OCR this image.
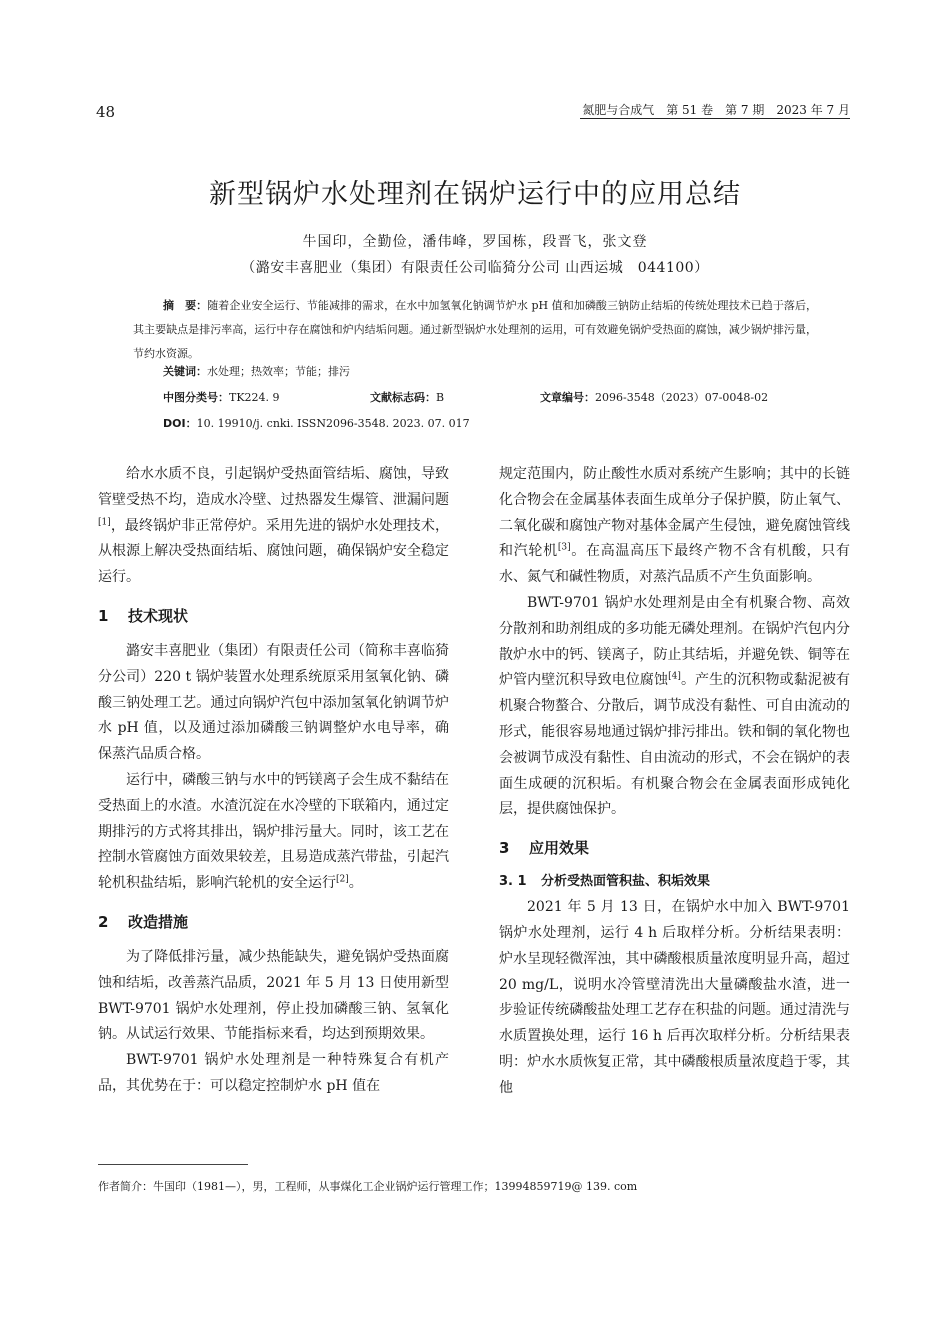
48	氮肥与合成气　第 51 卷　第 7 期　2023 年 7 月
新型锅炉水处理剂在锅炉运行中的应用总结
牛国印，全勤俭，潘伟峰，罗国栋，段晋飞，张文登
（潞安丰喜肥业（集团）有限责任公司临猗分公司 山西运城　044100）
摘　要：随着企业安全运行、节能减排的需求，在水中加氢氧化钠调节炉水 pH 值和加磷酸三钠防止结垢的传统处理技术已趋于落后，其主要缺点是排污率高，运行中存在腐蚀和炉内结垢问题。通过新型锅炉水处理剂的运用，可有效避免锅炉受热面的腐蚀，减少锅炉排污量，节约水资源。
关键词：水处理；热效率；节能；排污
中图分类号：TK224. 9	文献标志码：B	文章编号：2096-3548（2023）07-0048-02
DOI：10. 19910/j. cnki. ISSN2096-3548. 2023. 07. 017

给水水质不良，引起锅炉受热面管结垢、腐蚀，导致管壁受热不均，造成水冷壁、过热器发生爆管、泄漏问题[1]，最终锅炉非正常停炉。采用先进的锅炉水处理技术，从根源上解决受热面结垢、腐蚀问题，确保锅炉安全稳定运行。

1 技术现状

潞安丰喜肥业（集团）有限责任公司（简称丰喜临猗分公司）220 t 锅炉装置水处理系统原采用氢氧化钠、磷酸三钠处理工艺。通过向锅炉汽包中添加氢氧化钠调节炉水 pH 值，以及通过添加磷酸三钠调整炉水电导率，确保蒸汽品质合格。

运行中，磷酸三钠与水中的钙镁离子会生成不黏结在受热面上的水渣。水渣沉淀在水冷壁的下联箱内，通过定期排污的方式将其排出，锅炉排污量大。同时，该工艺在控制水管腐蚀方面效果较差，且易造成蒸汽带盐，引起汽轮机积盐结垢，影响汽轮机的安全运行[2]。

2 改造措施

为了降低排污量，减少热能缺失，避免锅炉受热面腐蚀和结垢，改善蒸汽品质，2021 年 5 月 13 日使用新型 BWT-9701 锅炉水处理剂，停止投加磷酸三钠、氢氧化钠。从试运行效果、节能指标来看，均达到预期效果。

BWT-9701 锅炉水处理剂是一种特殊复合有机产品，其优势在于：可以稳定控制炉水 pH 值在

规定范围内，防止酸性水质对系统产生影响；其中的长链化合物会在金属基体表面生成单分子保护膜，防止氧气、二氧化碳和腐蚀产物对基体金属产生侵蚀，避免腐蚀管线和汽轮机[3]。在高温高压下最终产物不含有机酸，只有水、氮气和碱性物质，对蒸汽品质不产生负面影响。

BWT-9701 锅炉水处理剂是由全有机聚合物、高效分散剂和助剂组成的多功能无磷处理剂。在锅炉汽包内分散炉水中的钙、镁离子，防止其结垢，并避免铁、铜等在炉管内壁沉积导致电位腐蚀[4]。产生的沉积物或黏泥被有机聚合物螯合、分散后，调节成没有黏性、可自由流动的形式，能很容易地通过锅炉排污排出。铁和铜的氧化物也会被调节成没有黏性、自由流动的形式，不会在锅炉的表面生成硬的沉积垢。有机聚合物会在金属表面形成钝化层，提供腐蚀保护。

3 应用效果
3. 1 分析受热面管积盐、积垢效果

2021 年 5 月 13 日，在锅炉水中加入 BWT-9701 锅炉水处理剂，运行 4 h 后取样分析。分析结果表明：炉水呈现轻微浑浊，其中磷酸根质量浓度明显升高，超过 20 mg/L，说明水冷管壁清洗出大量磷酸盐水渣，进一步验证传统磷酸盐处理工艺存在积盐的问题。通过清洗与水质置换处理，运行 16 h 后再次取样分析。分析结果表明：炉水水质恢复正常，其中磷酸根质量浓度趋于零，其他

作者简介：牛国印（1981—），男，工程师，从事煤化工企业锅炉运行管理工作；13994859719@ 139. com
